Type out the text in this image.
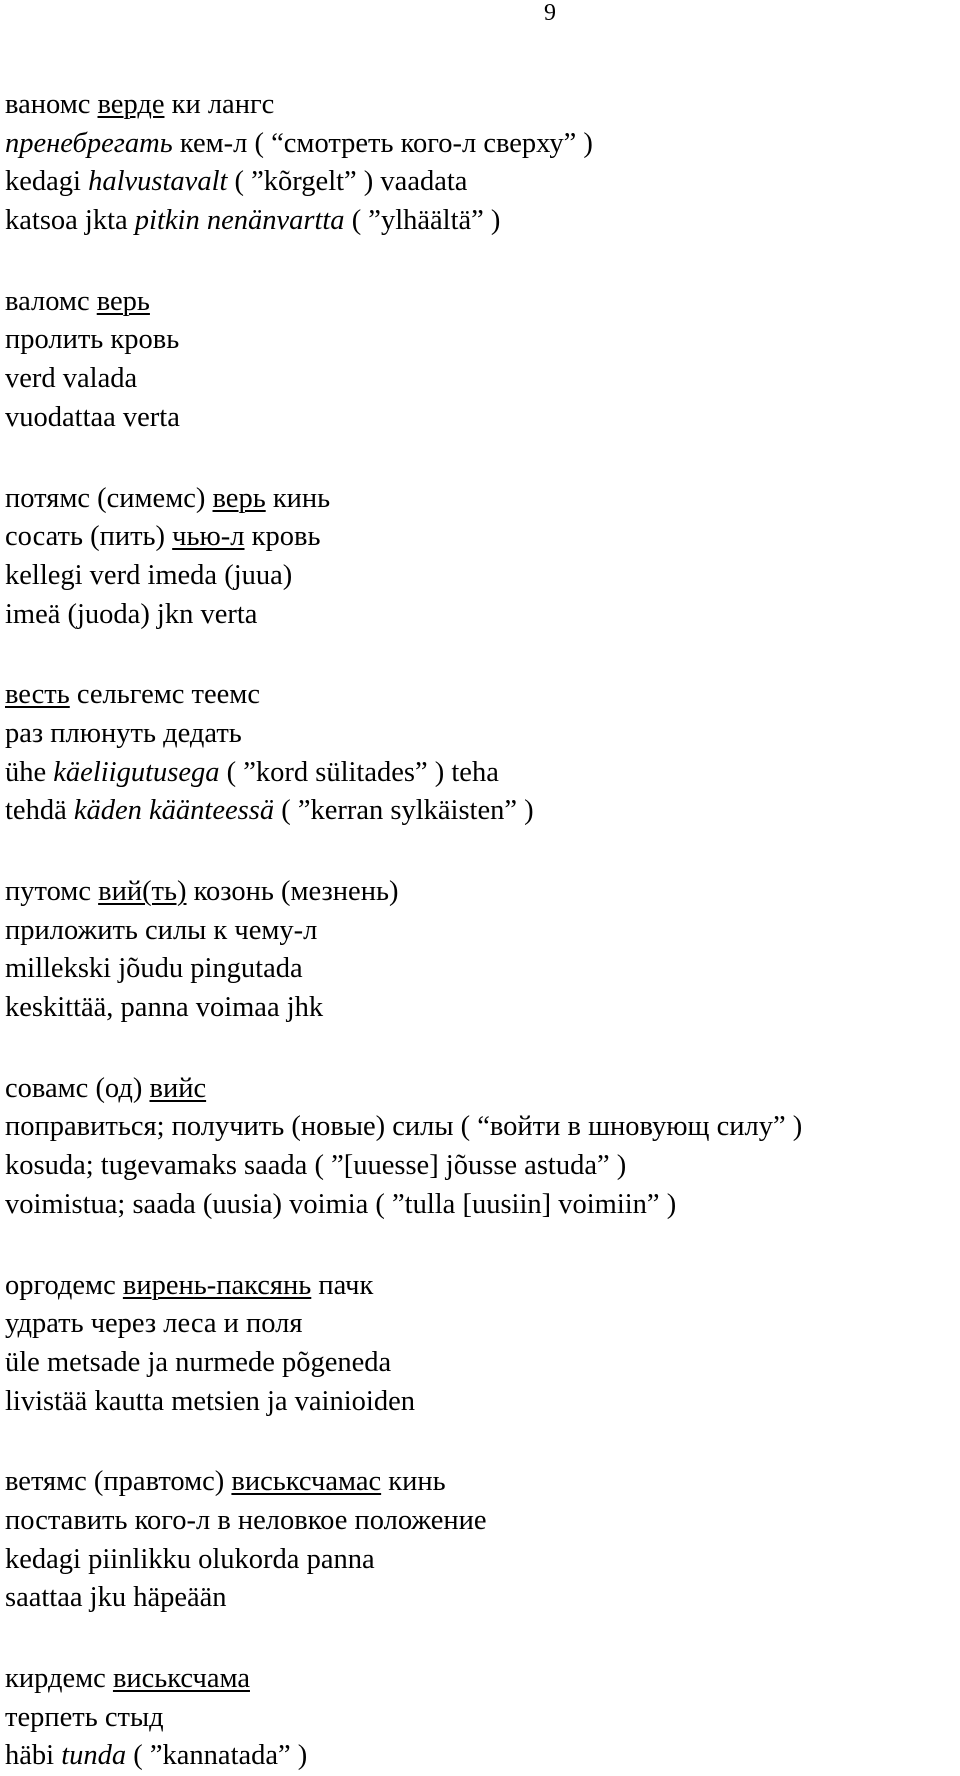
9
ваномс верде ки лангс
пренебрегать кем-л ( “смотреть кого-л сверху” )
kedagi halvustavalt ( ”kõrgelt” ) vaadata
katsoa jkta pitkin nenänvartta ( ”ylhäältä” )
валомс верь
пролить кровь
verd valada
vuodattaa verta
потямс (симемс) верь кинь
сосать (пить) чью-л кровь
kellegi verd imeda (juua)
imeä (juoda) jkn verta
весть сельгемс теемс
раз плюнуть дедать
ühe käeliigutusega ( ”kord sülitades” ) teha
tehdä käden käänteessä ( ”kerran sylkäisten” )
путомс вий(ть) козонь (мезнень)
приложить силы к чему-л
millekski jõudu pingutada
keskittää, panna voimaa jhk
совамс (од) вийс
поправиться; получить (новые) силы ( “войти в шновующ силу” )
kosuda; tugevamaks saada ( ”[uuesse] jõusse astuda” )
voimistua; saada (uusia) voimia ( ”tulla [uusiin] voimiin” )
оргодемс вирень-паксянь пачк
удрать через леса и поля
üle metsade ja nurmede põgeneda
livistää kautta metsien ja vainioiden
ветямс (правтомс) виськсчамас кинь
поставить кого-л в неловкое положение
kedagi piinlikku olukorda panna
saattaa jku häpeään
кирдемс виськсчама
терпеть стыд
häbi tunda ( ”kannatada” )
